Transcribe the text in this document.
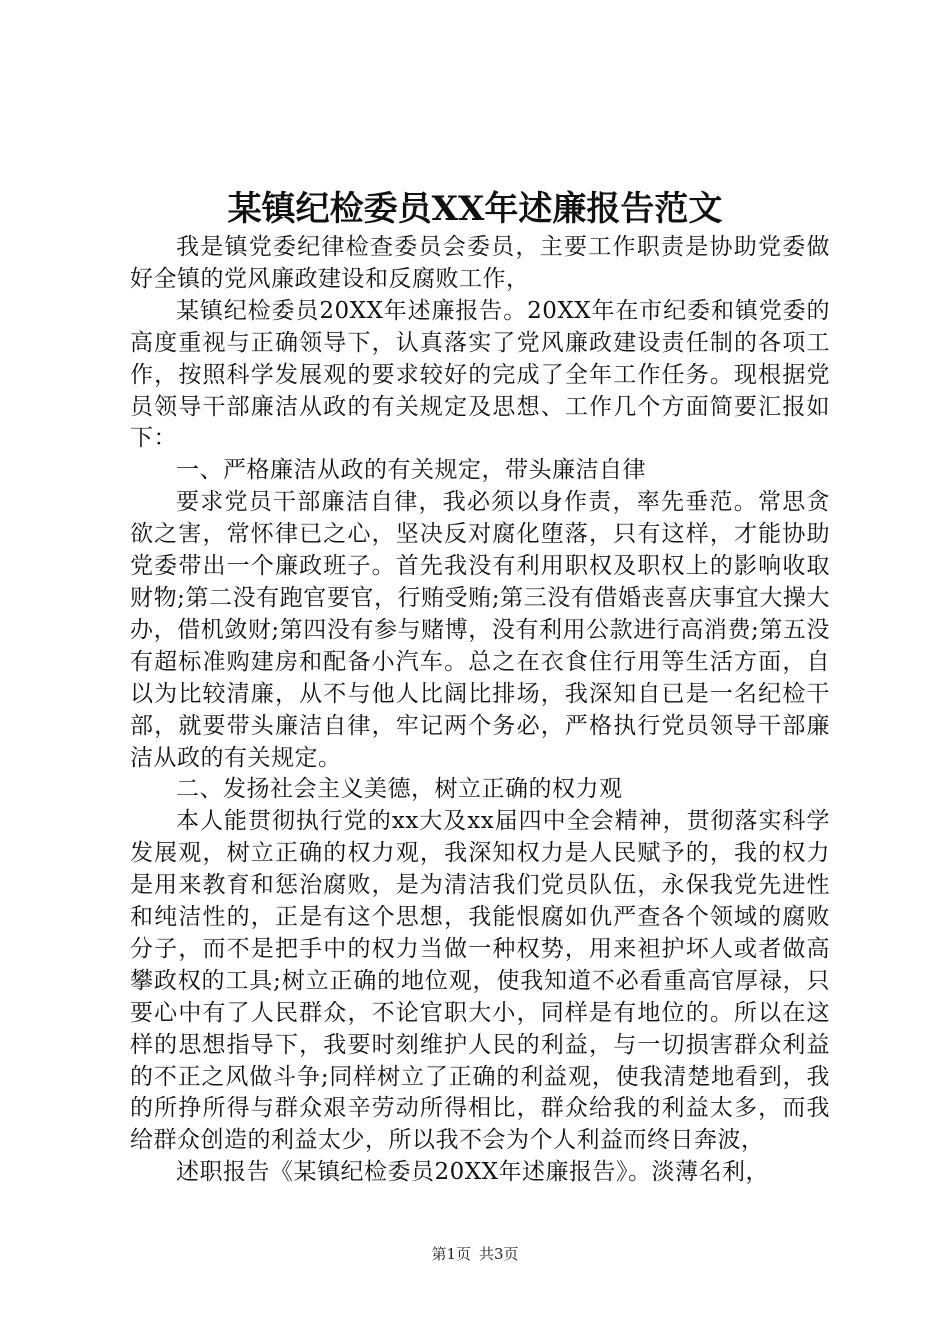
某镇纪检委员XX年述廉报告范文

我是镇党委纪律检查委员会委员，主要工作职责是协助党委做好全镇的党风廉政建设和反腐败工作，

某镇纪检委员20XX年述廉报告。20XX年在市纪委和镇党委的高度重视与正确领导下，认真落实了党风廉政建设责任制的各项工作，按照科学发展观的要求较好的完成了全年工作任务。现根据党员领导干部廉洁从政的有关规定及思想、工作几个方面简要汇报如下：

一、严格廉洁从政的有关规定，带头廉洁自律

要求党员干部廉洁自律，我必须以身作责，率先垂范。常思贪欲之害，常怀律已之心，坚决反对腐化堕落，只有这样，才能协助党委带出一个廉政班子。首先我没有利用职权及职权上的影响收取财物;第二没有跑官要官，行贿受贿;第三没有借婚丧喜庆事宜大操大办，借机敛财;第四没有参与赌博，没有利用公款进行高消费;第五没有超标准购建房和配备小汽车。总之在衣食住行用等生活方面，自以为比较清廉，从不与他人比阔比排场，我深知自已是一名纪检干部，就要带头廉洁自律，牢记两个务必，严格执行党员领导干部廉洁从政的有关规定。

二、发扬社会主义美德，树立正确的权力观

本人能贯彻执行党的xx大及xx届四中全会精神，贯彻落实科学发展观，树立正确的权力观，我深知权力是人民赋予的，我的权力是用来教育和惩治腐败，是为清洁我们党员队伍，永保我党先进性和纯洁性的，正是有这个思想，我能恨腐如仇严查各个领域的腐败分子，而不是把手中的权力当做一种权势，用来袒护坏人或者做高攀政权的工具;树立正确的地位观，使我知道不必看重高官厚禄，只要心中有了人民群众，不论官职大小，同样是有地位的。所以在这样的思想指导下，我要时刻维护人民的利益，与一切损害群众利益的不正之风做斗争;同样树立了正确的利益观，使我清楚地看到，我的所挣所得与群众艰辛劳动所得相比，群众给我的利益太多，而我给群众创造的利益太少，所以我不会为个人利益而终日奔波，

述职报告《某镇纪检委员20XX年述廉报告》。淡薄名利，

第1页 共3页
